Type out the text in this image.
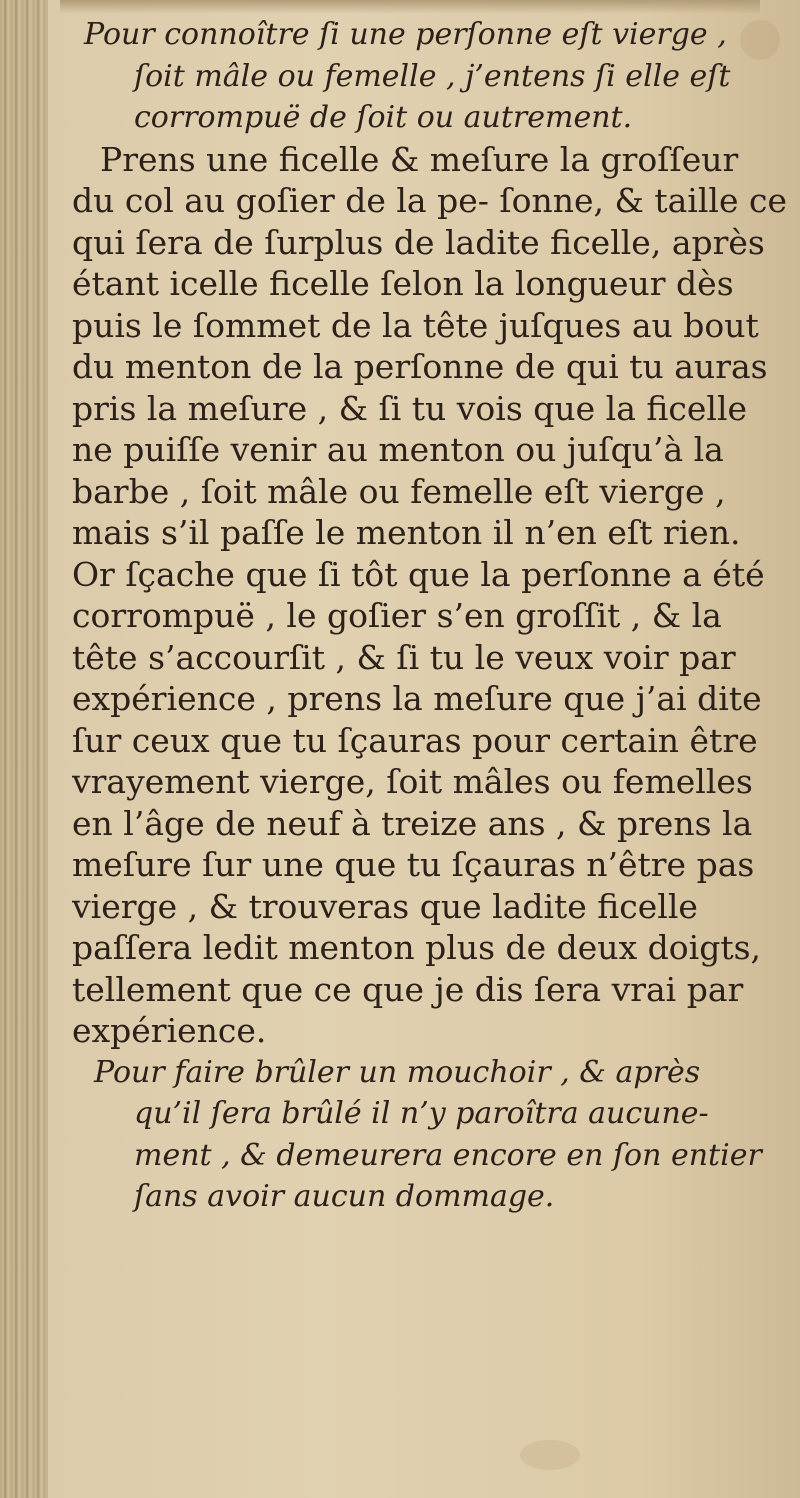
Pour connoître ſi une perſonne eſt vierge ,
ſoit mâle ou femelle , j’entens ſi elle eſt
corrompuë de ſoit ou autrement.
Prens une ficelle & meſure la groſſeur
du col au goſier de la pe- ſonne, & taille ce
qui ſera de ſurplus de ladite ficelle, après
étant icelle ficelle ſelon la longueur dès
puis le ſommet de la tête juſques au bout
du menton de la perſonne de qui tu auras
pris la meſure , & ſi tu vois que la ficelle
ne puiſſe venir au menton ou juſqu’à la
barbe , ſoit mâle ou femelle eſt vierge ,
mais s’il paſſe le menton il n’en eſt rien.
Or ſçache que ſi tôt que la perſonne a été
corrompuë , le goſier s’en groſſit , & la
tête s’accourſit , & ſi tu le veux voir par
expérience , prens la meſure que j’ai dite
ſur ceux que tu ſçauras pour certain être
vrayement vierge, ſoit mâles ou femelles
en l’âge de neuf à treize ans , & prens la
meſure ſur une que tu ſçauras n’être pas
vierge , & trouveras que ladite ficelle
paſſera ledit menton plus de deux doigts,
tellement que ce que je dis ſera vrai par
expérience.
Pour faire brûler un mouchoir , & après
qu’il ſera brûlé il n’y paroîtra aucune-
ment , & demeurera encore en ſon entier
ſans avoir aucun dommage.
